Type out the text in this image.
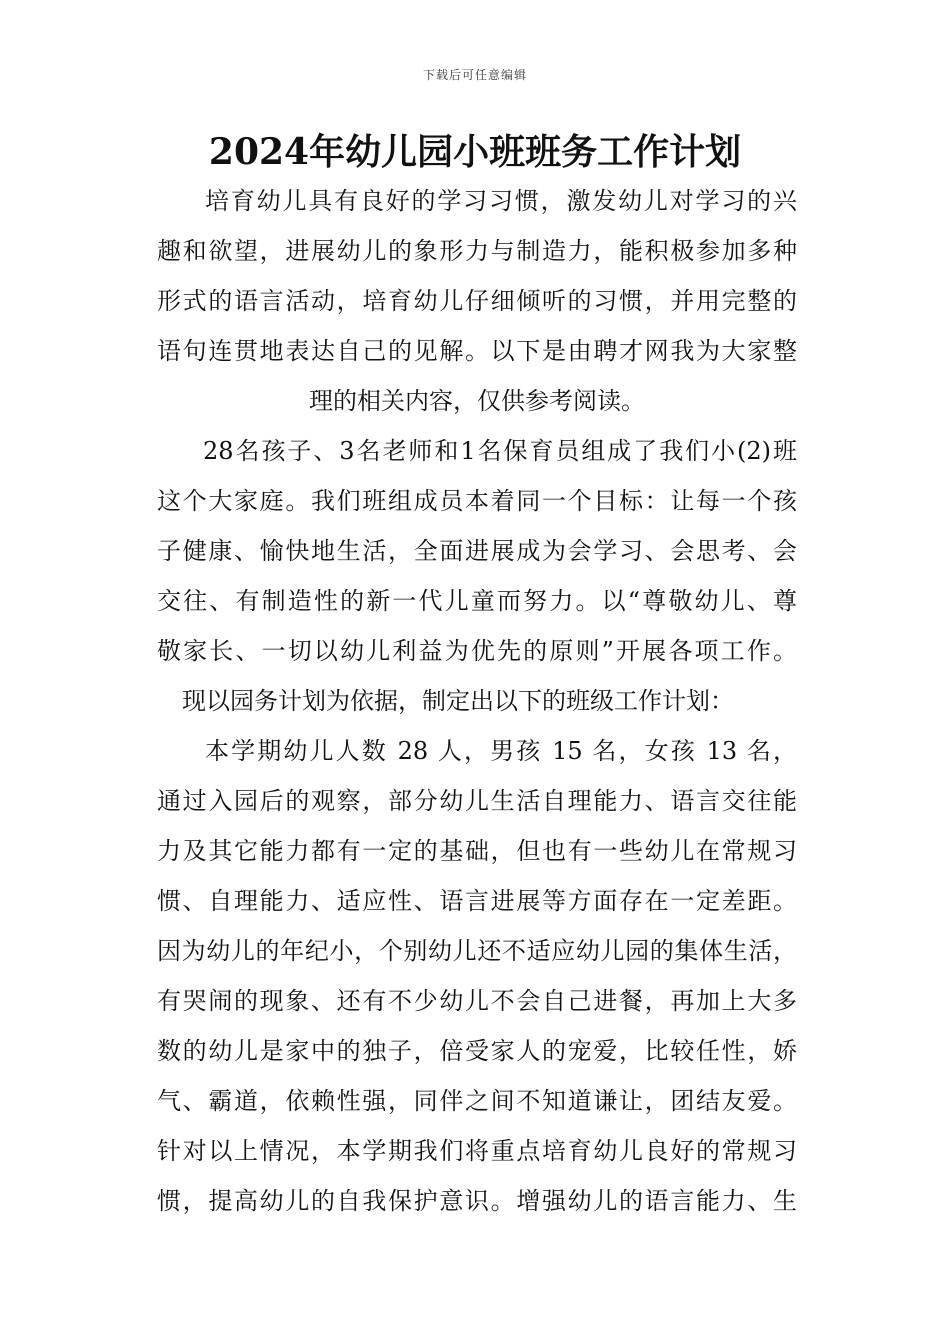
下载后可任意编辑
2024年幼儿园小班班务工作计划
培育幼儿具有良好的学习习惯，激发幼儿对学习的兴
趣和欲望，进展幼儿的象形力与制造力，能积极参加多种
形式的语言活动，培育幼儿仔细倾听的习惯，并用完整的
语句连贯地表达自己的见解。以下是由聘才网我为大家整
理的相关内容，仅供参考阅读。
28名孩子、3名老师和1名保育员组成了我们小(2)班
这个大家庭。我们班组成员本着同一个目标：让每一个孩
子健康、愉快地生活，全面进展成为会学习、会思考、会
交往、有制造性的新一代儿童而努力。以“尊敬幼儿、尊
敬家长、一切以幼儿利益为优先的原则”开展各项工作。
现以园务计划为依据，制定出以下的班级工作计划：
本学期幼儿人数 28 人，男孩 15 名，女孩 13 名，
通过入园后的观察，部分幼儿生活自理能力、语言交往能
力及其它能力都有一定的基础，但也有一些幼儿在常规习
惯、自理能力、适应性、语言进展等方面存在一定差距。
因为幼儿的年纪小，个别幼儿还不适应幼儿园的集体生活，
有哭闹的现象、还有不少幼儿不会自己进餐，再加上大多
数的幼儿是家中的独子，倍受家人的宠爱，比较任性，娇
气、霸道，依赖性强，同伴之间不知道谦让，团结友爱。
针对以上情况，本学期我们将重点培育幼儿良好的常规习
惯，提高幼儿的自我保护意识。增强幼儿的语言能力、生
